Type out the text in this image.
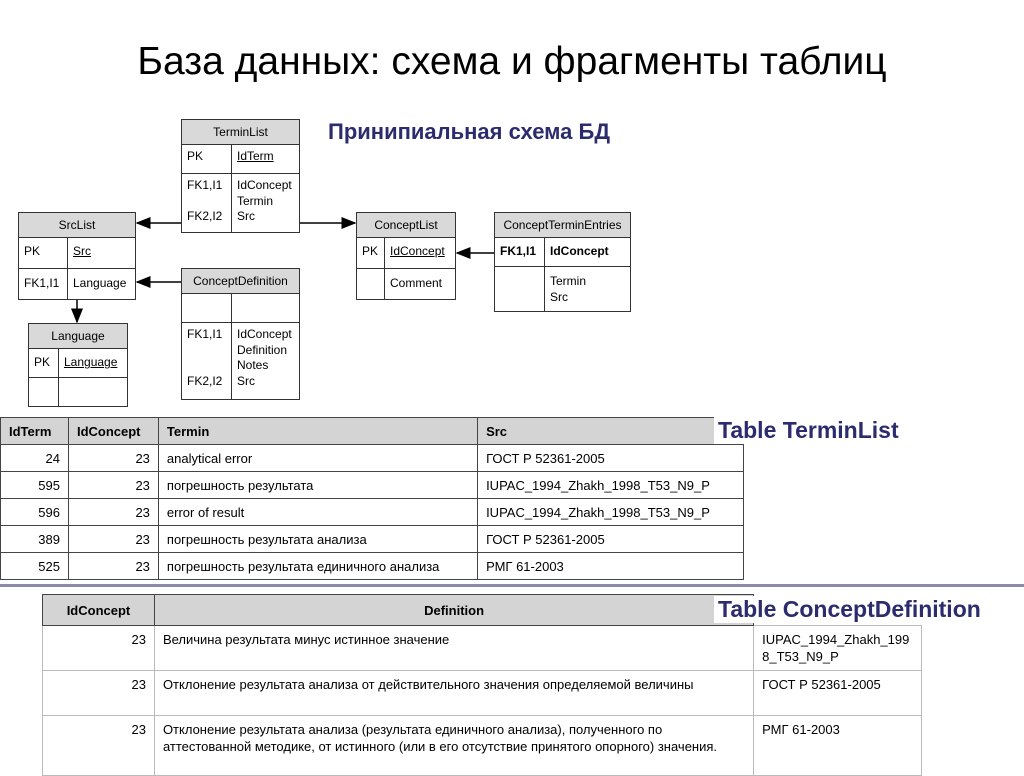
База данных: схема и фрагменты таблиц
Принипиальная схема БД
TerminList
PK	IdTerm
FK1,I1

FK2,I2
IdConcept
Termin
Src
SrcList
PK	Src
FK1,I1 Language
ConceptList
PK IdConcept
Comment
ConceptTerminEntries
FK1,I1 IdConcept
Termin
Src
ConceptDefinition
FK1,I1

FK2,I2
IdConcept
Definition
Notes
Src
Language
PK Language
IdTerm	IdConcept	Termin	Src
24	23	analytical error	ГОСТ Р 52361-2005
595	23	погрешность результата	IUPAC_1994_Zhakh_1998_T53_N9_P
596	23	error of result	IUPAC_1994_Zhakh_1998_T53_N9_P
389	23	погрешность результата анализа	ГОСТ Р 52361-2005
525	23	погрешность результата единичного анализа	РМГ 61-2003
Table TerminList
IdConcept	Definition	
23	Величина результата минус истинное значение	IUPAC_1994_Zhakh_1998_T53_N9_P
23	Отклонение результата анализа от действительного значения определяемой величины	ГОСТ Р 52361-2005
23	Отклонение результата анализа (результата единичного анализа), полученного по аттестованной методике, от истинного (или в его отсутствие принятого опорного) значения.	РМГ 61-2003
Table ConceptDefinition
